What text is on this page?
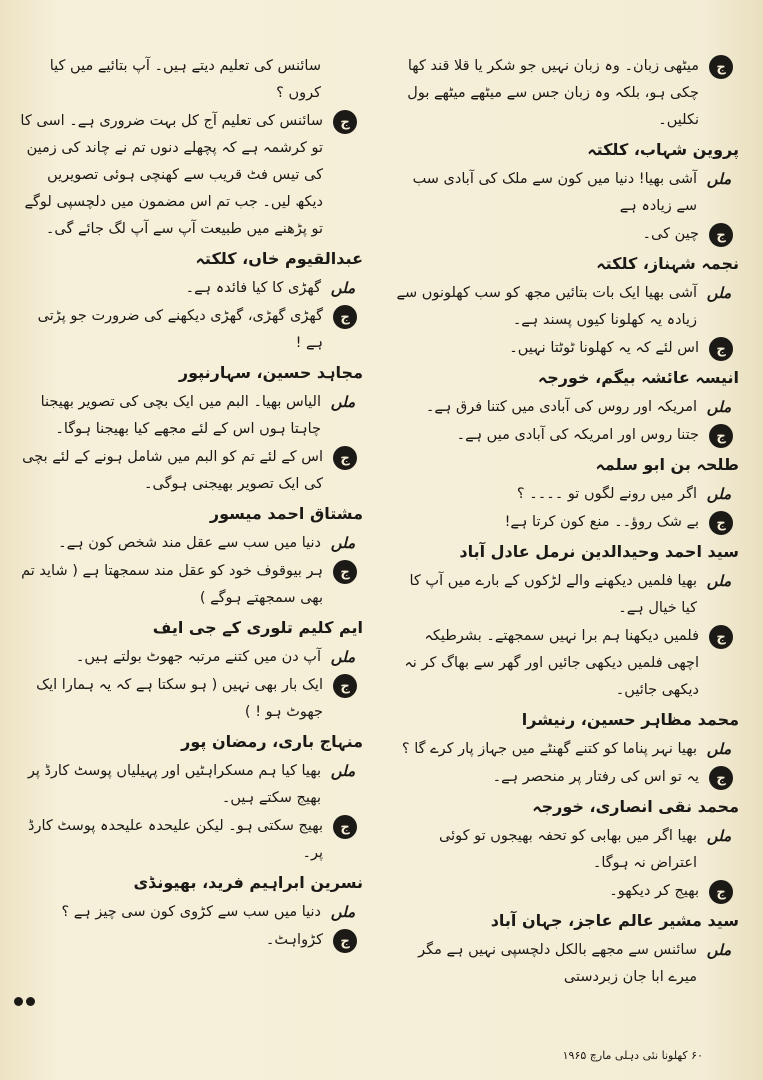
ج
میٹھی زبان۔ وہ زبان نہیں جو شکر یا قلا قند کھا چکی ہو، بلکہ وہ زبان جس سے میٹھے میٹھے بول نکلیں۔
پروین شہاب، کلکتہ
ملں
آشی بھیا! دنیا میں کون سے ملک کی آبادی سب سے زیادہ ہے
ج
چین کی۔
نجمہ شہناز، کلکتہ
ملں
آشی بھیا ایک بات بتائیں مجھ کو سب کھلونوں سے زیادہ یہ کھلونا کیوں پسند ہے۔
ج
اس لئے کہ یہ کھلونا ٹوٹتا نہیں۔
انیسہ عائشہ بیگم، خورجہ
ملں
امریکہ اور روس کی آبادی میں کتنا فرق ہے۔
ج
جتنا روس اور امریکہ کی آبادی میں ہے۔
طلحہ بن ابو سلمہ
ملں
اگر میں رونے لگوں تو ۔۔۔۔ ؟
ج
بے شک روؤ۔۔ منع کون کرتا ہے!
سید احمد وحیدالدین نرمل عادل آباد
ملں
بھیا فلمیں دیکھنے والے لڑکوں کے بارے میں آپ کا کیا خیال ہے۔
ج
فلمیں دیکھنا ہم برا نہیں سمجھتے۔ بشرطیکہ اچھی فلمیں دیکھی جائیں اور گھر سے بھاگ کر نہ دیکھی جائیں۔
محمد مظاہر حسین، رنیشرا
ملں
بھیا نہر پناما کو کتنے گھنٹے میں جہاز پار کرے گا ؟
ج
یہ تو اس کی رفتار پر منحصر ہے۔
محمد نقی انصاری، خورجہ
ملں
بھیا اگر میں بھابی کو تحفہ بھیجوں تو کوئی اعتراض نہ ہوگا۔
ج
بھیج کر دیکھو۔
سید مشیر عالم عاجز، جہان آباد
ملں
سائنس سے مجھے بالکل دلچسپی نہیں ہے مگر میرے ابا جان زبردستی
سائنس کی تعلیم دیتے ہیں۔ آپ بتائیے میں کیا کروں ؟
ج
سائنس کی تعلیم آج کل بہت ضروری ہے۔ اسی کا تو کرشمہ ہے کہ پچھلے دنوں تم نے چاند کی زمین کی تیس فٹ قریب سے کھنچی ہوئی تصویریں دیکھ لیں۔ جب تم اس مضمون میں دلچسپی لوگے تو پڑھنے میں طبیعت آپ سے آپ لگ جائے گی۔
عبدالقیوم خاں، کلکتہ
ملں
گھڑی کا کیا فائدہ ہے۔
ج
گھڑی گھڑی، گھڑی دیکھنے کی ضرورت جو پڑتی ہے !
مجاہد حسین، سہارنپور
ملں
الیاس بھیا۔ البم میں ایک بچی کی تصویر بھیجنا چاہتا ہوں اس کے لئے مجھے کیا بھیجنا ہوگا۔
ج
اس کے لئے تم کو البم میں شامل ہونے کے لئے بچی کی ایک تصویر بھیجنی ہوگی۔
مشتاق احمد میسور
ملں
دنیا میں سب سے عقل مند شخص کون ہے۔
ج
ہر بیوقوف خود کو عقل مند سمجھتا ہے ( شاید تم بھی سمجھتے ہوگے )
ایم کلیم تلوری کے جی ایف
ملں
آپ دن میں کتنے مرتبہ جھوٹ بولتے ہیں۔
ج
ایک بار بھی نہیں ( ہو سکتا ہے کہ یہ ہمارا ایک جھوٹ ہو ! )
منہاج باری، رمضان پور
ملں
بھیا کیا ہم مسکراہٹیں اور پہیلیاں پوسٹ کارڈ پر بھیج سکتے ہیں۔
ج
بھیج سکتی ہو۔ لیکن علیحدہ علیحدہ پوسٹ کارڈ پر۔
نسرین ابراہیم فرید، بھیونڈی
ملں
دنیا میں سب سے کڑوی کون سی چیز ہے ؟
ج
کڑواہٹ۔
۶۰ کھلونا نئی دہلی مارچ ۱۹۶۵
